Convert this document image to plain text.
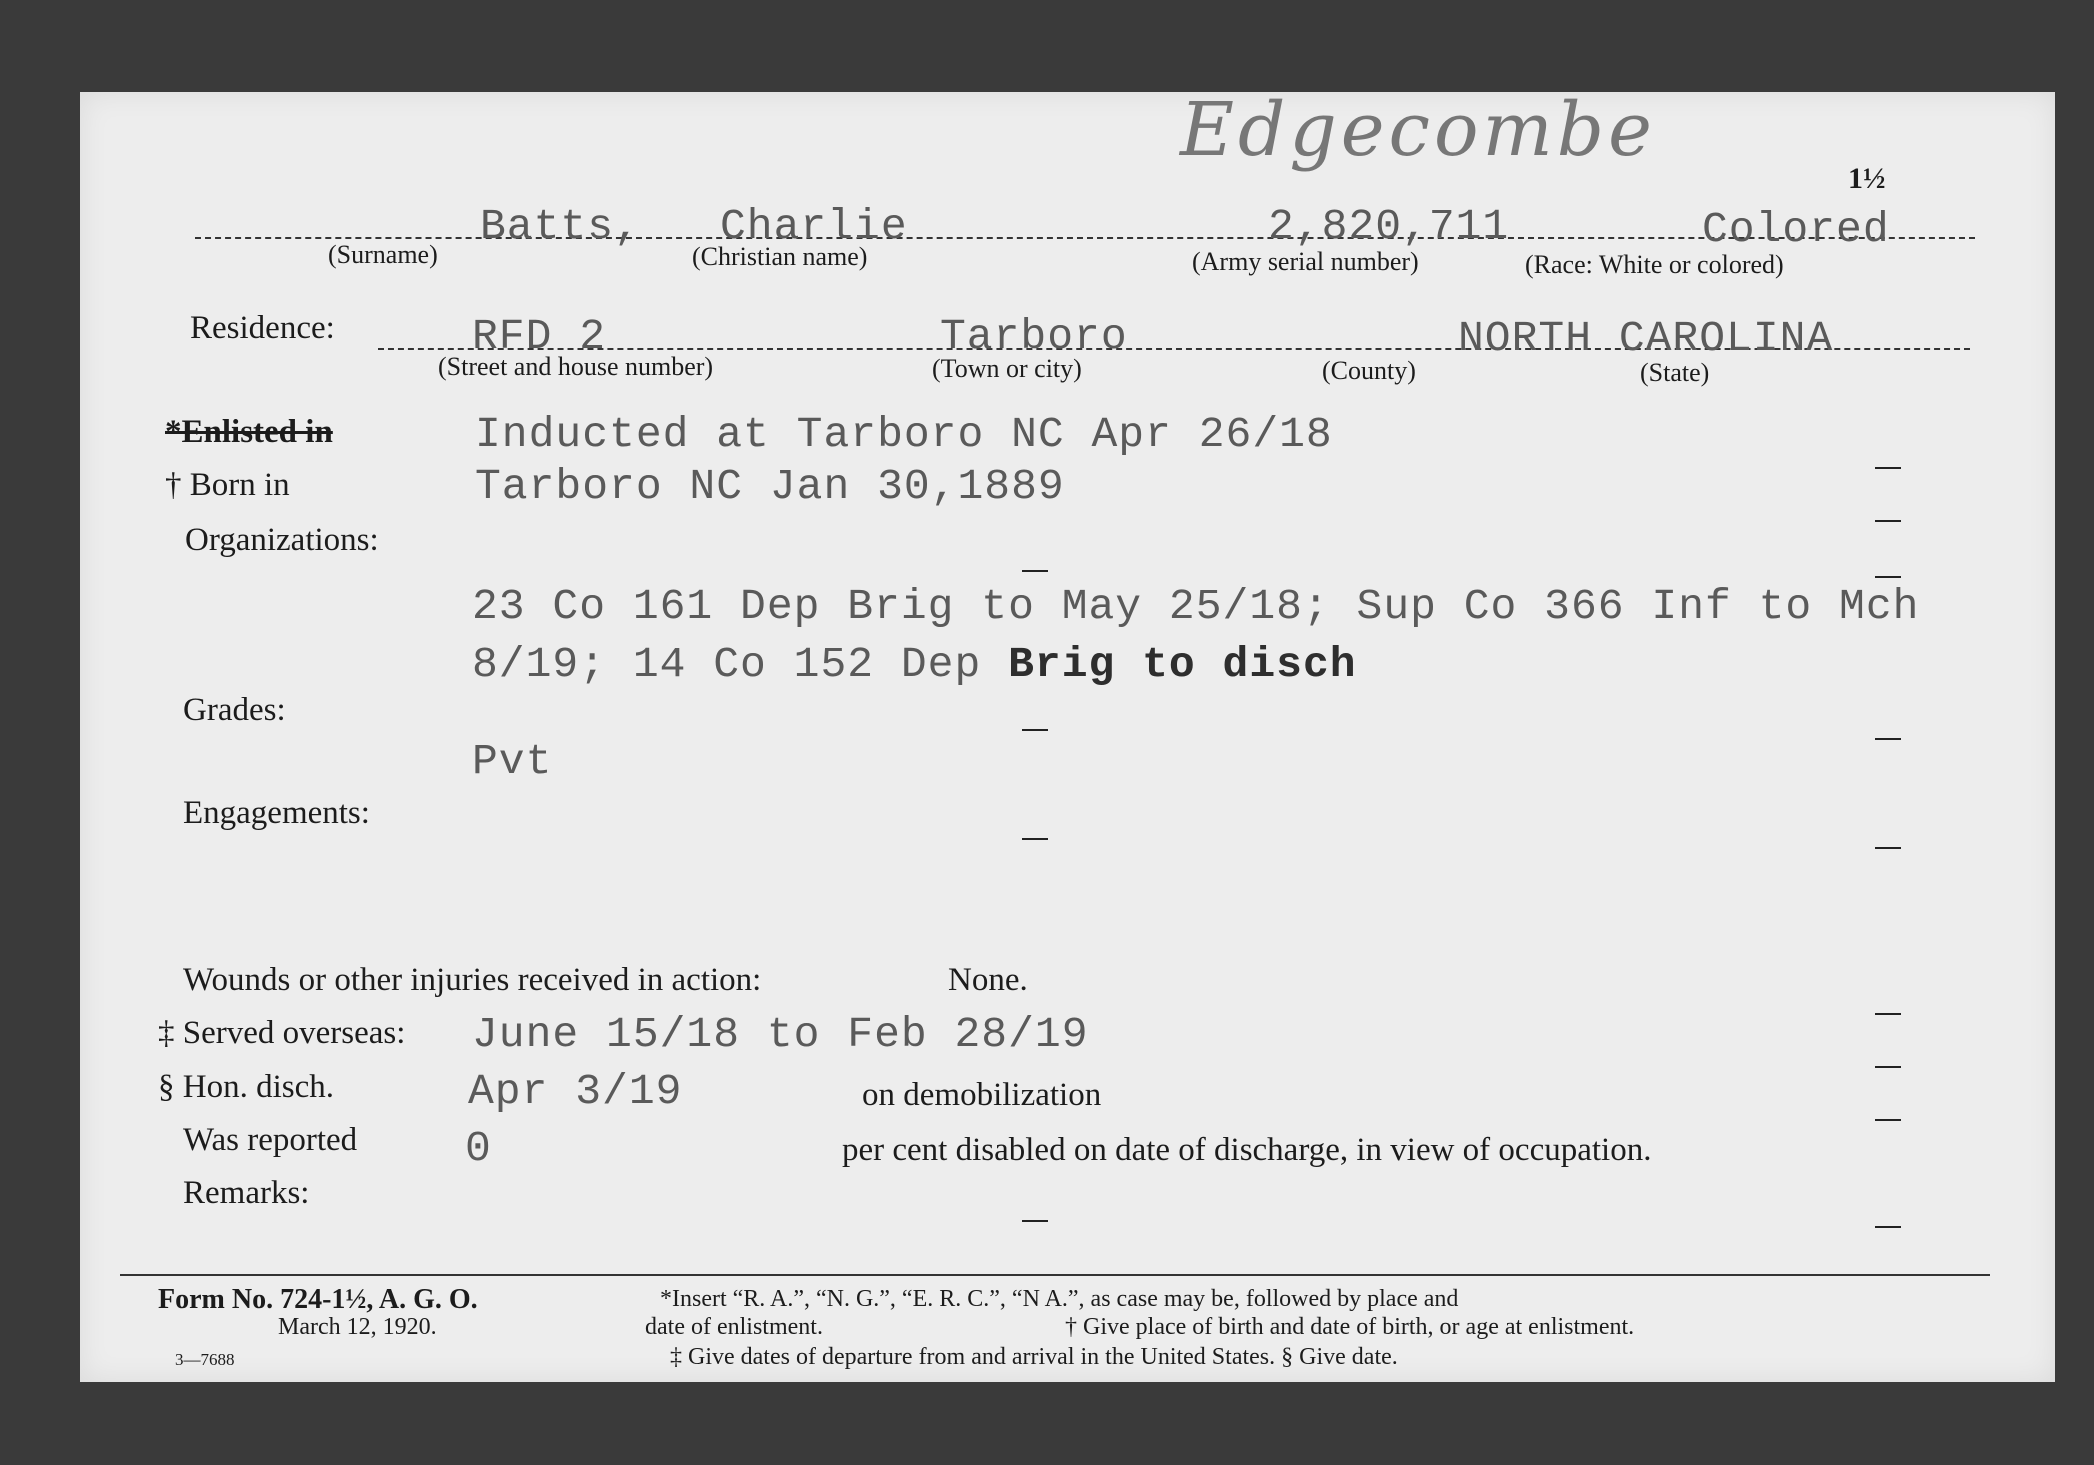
Edgecombe
1½
Batts, Charlie	2,820,711	Colored
(Surname)	(Christian name)	(Army serial number)	(Race: White or colored)
Residence:	RFD 2	Tarboro	NORTH CAROLINA
(Street and house number)	(Town or city)	(County)	(State)
*Enlisted in	Inducted at Tarboro NC Apr 26/18
† Born in	Tarboro NC Jan 30,1889
Organizations:
23 Co 161 Dep Brig to May 25/18; Sup Co 366 Inf to Mch
8/19; 14 Co 152 Dep Brig to disch
Grades:
Pvt
Engagements:
Wounds or other injuries received in action:	None.
‡ Served overseas: June 15/18 to Feb 28/19
§ Hon. disch.	Apr 3/19	on demobilization
Was reported	0	per cent disabled on date of discharge, in view of occupation.
Remarks:
Form No. 724-1½, A. G. O.
March 12, 1920.
3—7688
*Insert “R. A.”, “N. G.”, “E. R. C.”, “N A.”, as case may be, followed by place and
date of enlistment.	† Give place of birth and date of birth, or age at enlistment.
‡ Give dates of departure from and arrival in the United States. § Give date.
